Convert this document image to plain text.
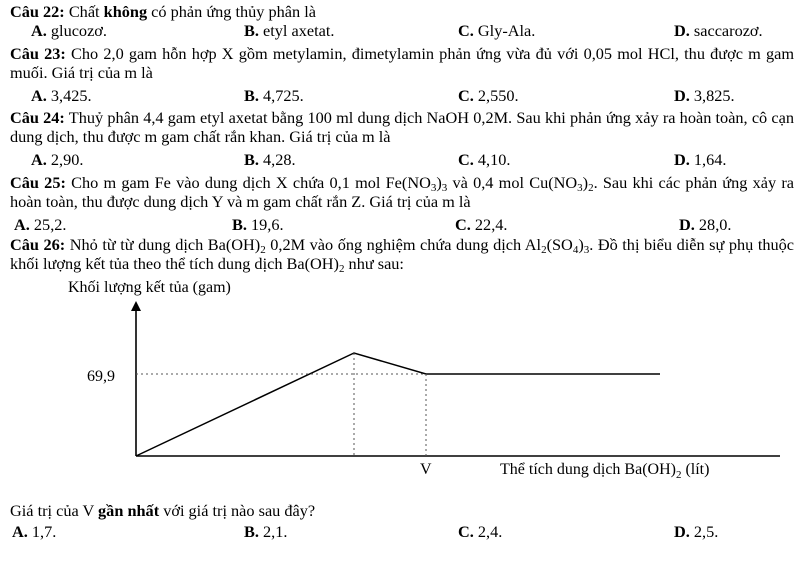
Câu 22: Chất không có phản ứng thủy phân là

A. glucozơ.	B. etyl axetat.	C. Gly-Ala.	D. saccarozơ.

Câu 23: Cho 2,0 gam hỗn hợp X gồm metylamin, đimetylamin phản ứng vừa đủ với 0,05 mol HCl, thu được m gam muối. Giá trị của m là

A. 3,425.	B. 4,725.	C. 2,550.	D. 3,825.

Câu 24: Thuỷ phân 4,4 gam etyl axetat bằng 100 ml dung dịch NaOH 0,2M. Sau khi phản ứng xảy ra hoàn toàn, cô cạn dung dịch, thu được m gam chất rắn khan. Giá trị của m là

A. 2,90.	B. 4,28.	C. 4,10.	D. 1,64.

Câu 25: Cho m gam Fe vào dung dịch X chứa 0,1 mol $Fe(NO_3)_3$ và 0,4 mol $Cu(NO_3)_2$. Sau khi các phản ứng xảy ra hoàn toàn, thu được dung dịch Y và m gam chất rắn Z. Giá trị của m là

A. 25,2.	B. 19,6.	C. 22,4.	D. 28,0.

Câu 26: Nhỏ từ từ dung dịch $Ba(OH)_2$ 0,2M vào ống nghiệm chứa dung dịch $Al_2(SO_4)_3$. Đồ thị biểu diễn sự phụ thuộc khối lượng kết tủa theo thể tích dung dịch $Ba(OH)_2$ như sau:

Khối lượng kết tủa (gam)
69,9
V	Thể tích dung dịch $Ba(OH)_2$ (lít)

Giá trị của V gần nhất với giá trị nào sau đây?

A. 1,7.	B. 2,1.	C. 2,4.	D. 2,5.
